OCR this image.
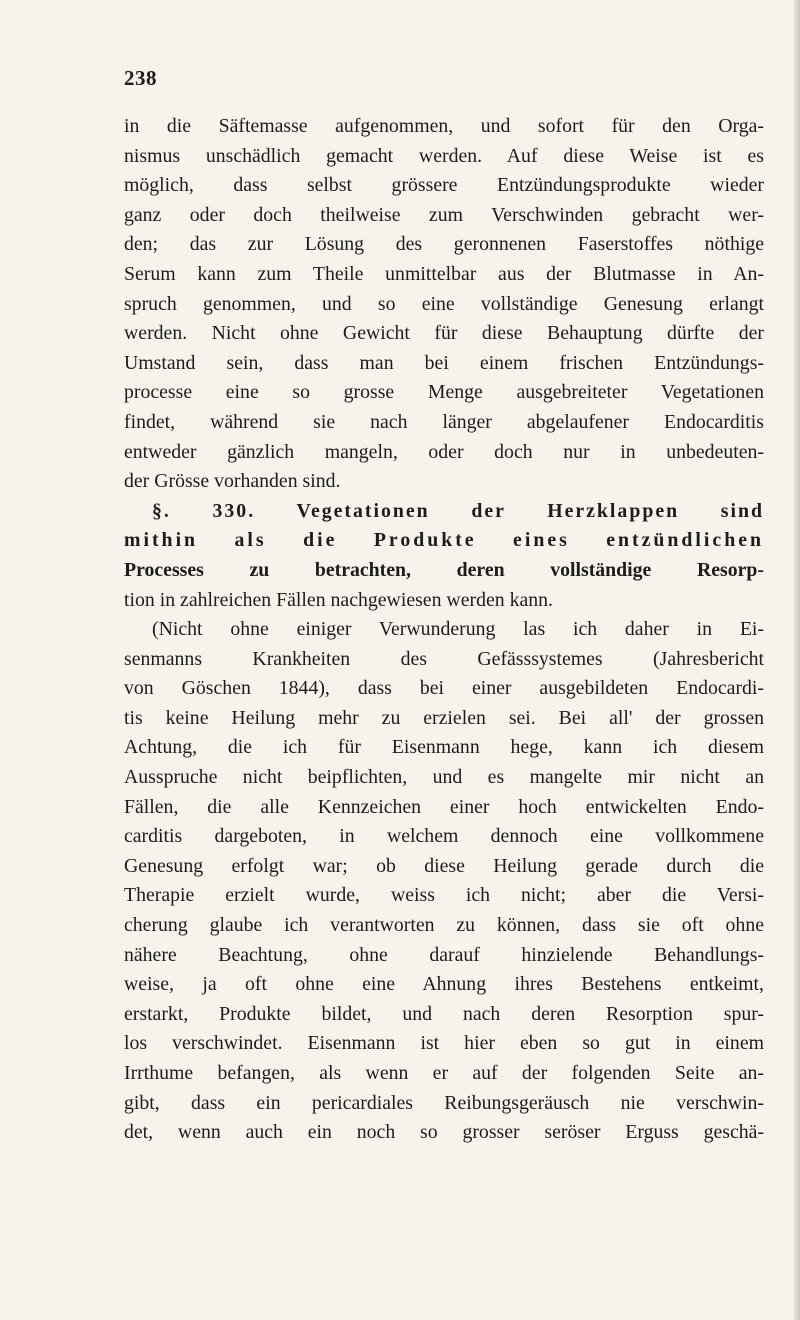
238
in die Säftemasse aufgenommen, und sofort für den Orga-
nismus unschädlich gemacht werden. Auf diese Weise ist es
möglich, dass selbst grössere Entzündungsprodukte wieder
ganz oder doch theilweise zum Verschwinden gebracht wer-
den; das zur Lösung des geronnenen Faserstoffes nöthige
Serum kann zum Theile unmittelbar aus der Blutmasse in An-
spruch genommen, und so eine vollständige Genesung erlangt
werden. Nicht ohne Gewicht für diese Behauptung dürfte der
Umstand sein, dass man bei einem frischen Entzündungs-
processe eine so grosse Menge ausgebreiteter Vegetationen
findet, während sie nach länger abgelaufener Endocarditis
entweder gänzlich mangeln, oder doch nur in unbedeuten-
der Grösse vorhanden sind.
§. 330. Vegetationen der Herzklappen sind
mithin als die Produkte eines entzündlichen
Processes zu betrachten, deren vollständige Resorp-
tion in zahlreichen Fällen nachgewiesen werden kann.
(Nicht ohne einiger Verwunderung las ich daher in Ei-
senmanns Krankheiten des Gefässsystemes (Jahresbericht
von Göschen 1844), dass bei einer ausgebildeten Endocardi-
tis keine Heilung mehr zu erzielen sei. Bei all' der grossen
Achtung, die ich für Eisenmann hege, kann ich diesem
Ausspruche nicht beipflichten, und es mangelte mir nicht an
Fällen, die alle Kennzeichen einer hoch entwickelten Endo-
carditis dargeboten, in welchem dennoch eine vollkommene
Genesung erfolgt war; ob diese Heilung gerade durch die
Therapie erzielt wurde, weiss ich nicht; aber die Versi-
cherung glaube ich verantworten zu können, dass sie oft ohne
nähere Beachtung, ohne darauf hinzielende Behandlungs-
weise, ja oft ohne eine Ahnung ihres Bestehens entkeimt,
erstarkt, Produkte bildet, und nach deren Resorption spur-
los verschwindet. Eisenmann ist hier eben so gut in einem
Irrthume befangen, als wenn er auf der folgenden Seite an-
gibt, dass ein pericardiales Reibungsgeräusch nie verschwin-
det, wenn auch ein noch so grosser seröser Erguss geschä-
